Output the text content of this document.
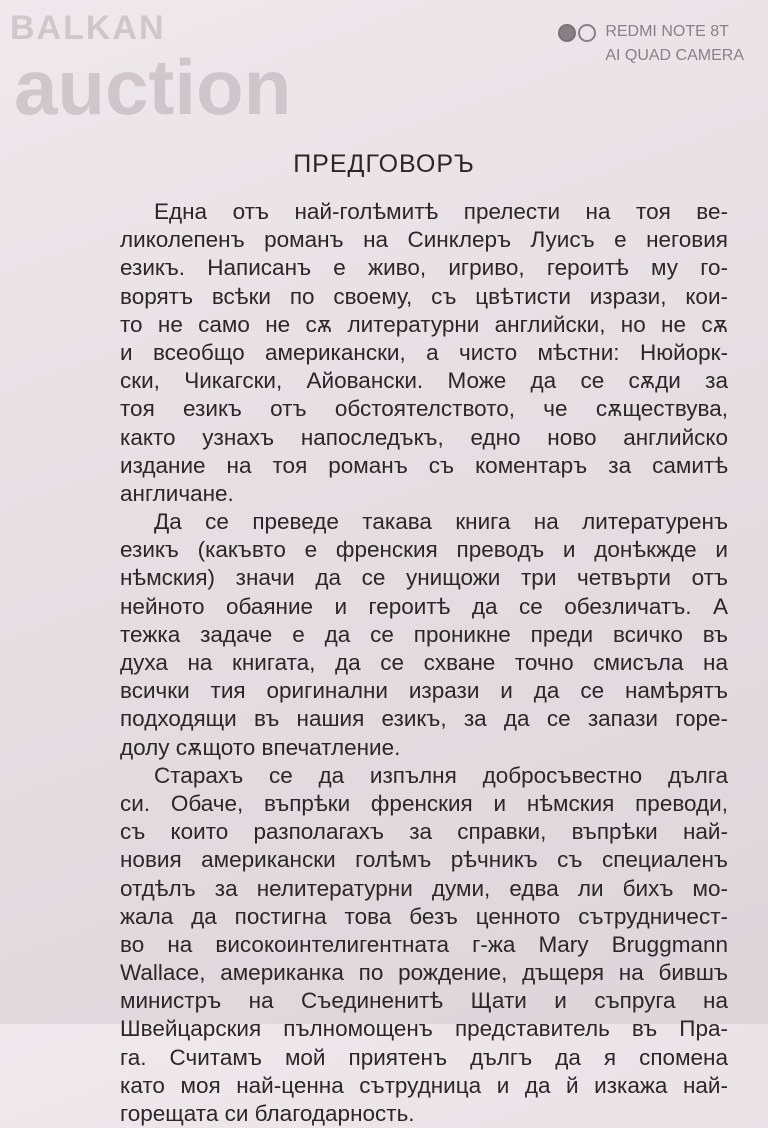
ПРЕДГОВОРЪ
Една отъ най-голѣмитѣ прелести на тоя ве-
ликолепенъ романъ на Синклеръ Луисъ е неговия
езикъ. Написанъ е живо, игриво, героитѣ му го-
ворятъ всѣки по своему, съ цвѣтисти изрази, кои-
то не само не сѫ литературни английски, но не сѫ
и всеобщо американски, а чисто мѣстни: Нюйорк-
ски, Чикагски, Айовански. Може да се сѫди за
тоя езикъ отъ обстоятелството, че сѫществува,
както узнахъ напоследъкъ, едно ново английско
издание на тоя романъ съ коментаръ за самитѣ
англичане.
Да се преведе такава книга на литературенъ
езикъ (какъвто е френския преводъ и донѣкжде и
нѣмския) значи да се унищожи три четвърти отъ
нейното обаяние и героитѣ да се обезличатъ. А
тежка задаче е да се проникне преди всичко въ
духа на книгата, да се схване точно смисъла на
всички тия оригинални изрази и да се намѣрятъ
подходящи въ нашия езикъ, за да се запази горе-
долу сѫщото впечатление.
Старахъ се да изпълня добросъвестно дълга
си. Обаче, въпрѣки френския и нѣмския преводи,
съ които разполагахъ за справки, въпрѣки най-
новия американски голѣмъ рѣчникъ съ специаленъ
отдѣлъ за нелитературни думи, едва ли бихъ мо-
жала да постигна това безъ ценното сътрудничест-
во на високоинтелигентната г-жа Mary Bruggmann
Wallace, американка по рождение, дъщеря на бившъ
министръ на Съединенитѣ Щати и съпруга на
Швейцарския пълномощенъ представитель въ Пра-
га. Считамъ мой приятенъ дългъ да я спомена
като моя най-ценна сътрудница и да й изкажа най-
горещата си благодарность.
BALKAN
auction
REDMI NOTE 8T
AI QUAD CAMERA
